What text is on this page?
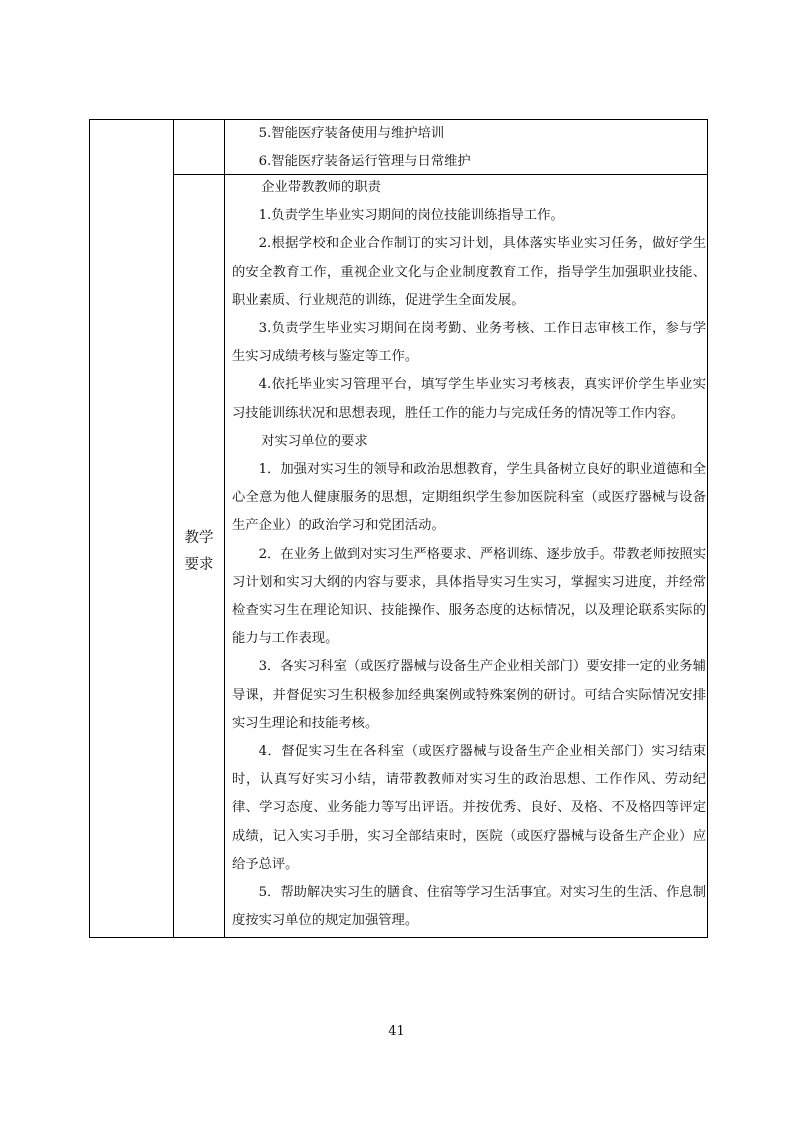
5.智能医疗装备使用与维护培训

6.智能医疗装备运行管理与日常维护

教学
要求

企业带教教师的职责

1.负责学生毕业实习期间的岗位技能训练指导工作。

2.根据学校和企业合作制订的实习计划，具体落实毕业实习任务，做好学生的安全教育工作，重视企业文化与企业制度教育工作，指导学生加强职业技能、职业素质、行业规范的训练，促进学生全面发展。

3.负责学生毕业实习期间在岗考勤、业务考核、工作日志审核工作，参与学生实习成绩考核与鉴定等工作。

4.依托毕业实习管理平台，填写学生毕业实习考核表，真实评价学生毕业实习技能训练状况和思想表现，胜任工作的能力与完成任务的情况等工作内容。

对实习单位的要求

1．加强对实习生的领导和政治思想教育，学生具备树立良好的职业道德和全心全意为他人健康服务的思想，定期组织学生参加医院科室（或医疗器械与设备生产企业）的政治学习和党团活动。

2．在业务上做到对实习生严格要求、严格训练、逐步放手。带教老师按照实习计划和实习大纲的内容与要求，具体指导实习生实习，掌握实习进度，并经常检查实习生在理论知识、技能操作、服务态度的达标情况，以及理论联系实际的能力与工作表现。

3．各实习科室（或医疗器械与设备生产企业相关部门）要安排一定的业务辅导课，并督促实习生积极参加经典案例或特殊案例的研讨。可结合实际情况安排实习生理论和技能考核。

4．督促实习生在各科室（或医疗器械与设备生产企业相关部门）实习结束时，认真写好实习小结，请带教教师对实习生的政治思想、工作作风、劳动纪律、学习态度、业务能力等写出评语。并按优秀、良好、及格、不及格四等评定成绩，记入实习手册，实习全部结束时，医院（或医疗器械与设备生产企业）应给予总评。

5．帮助解决实习生的膳食、住宿等学习生活事宜。对实习生的生活、作息制度按实习单位的规定加强管理。

41
